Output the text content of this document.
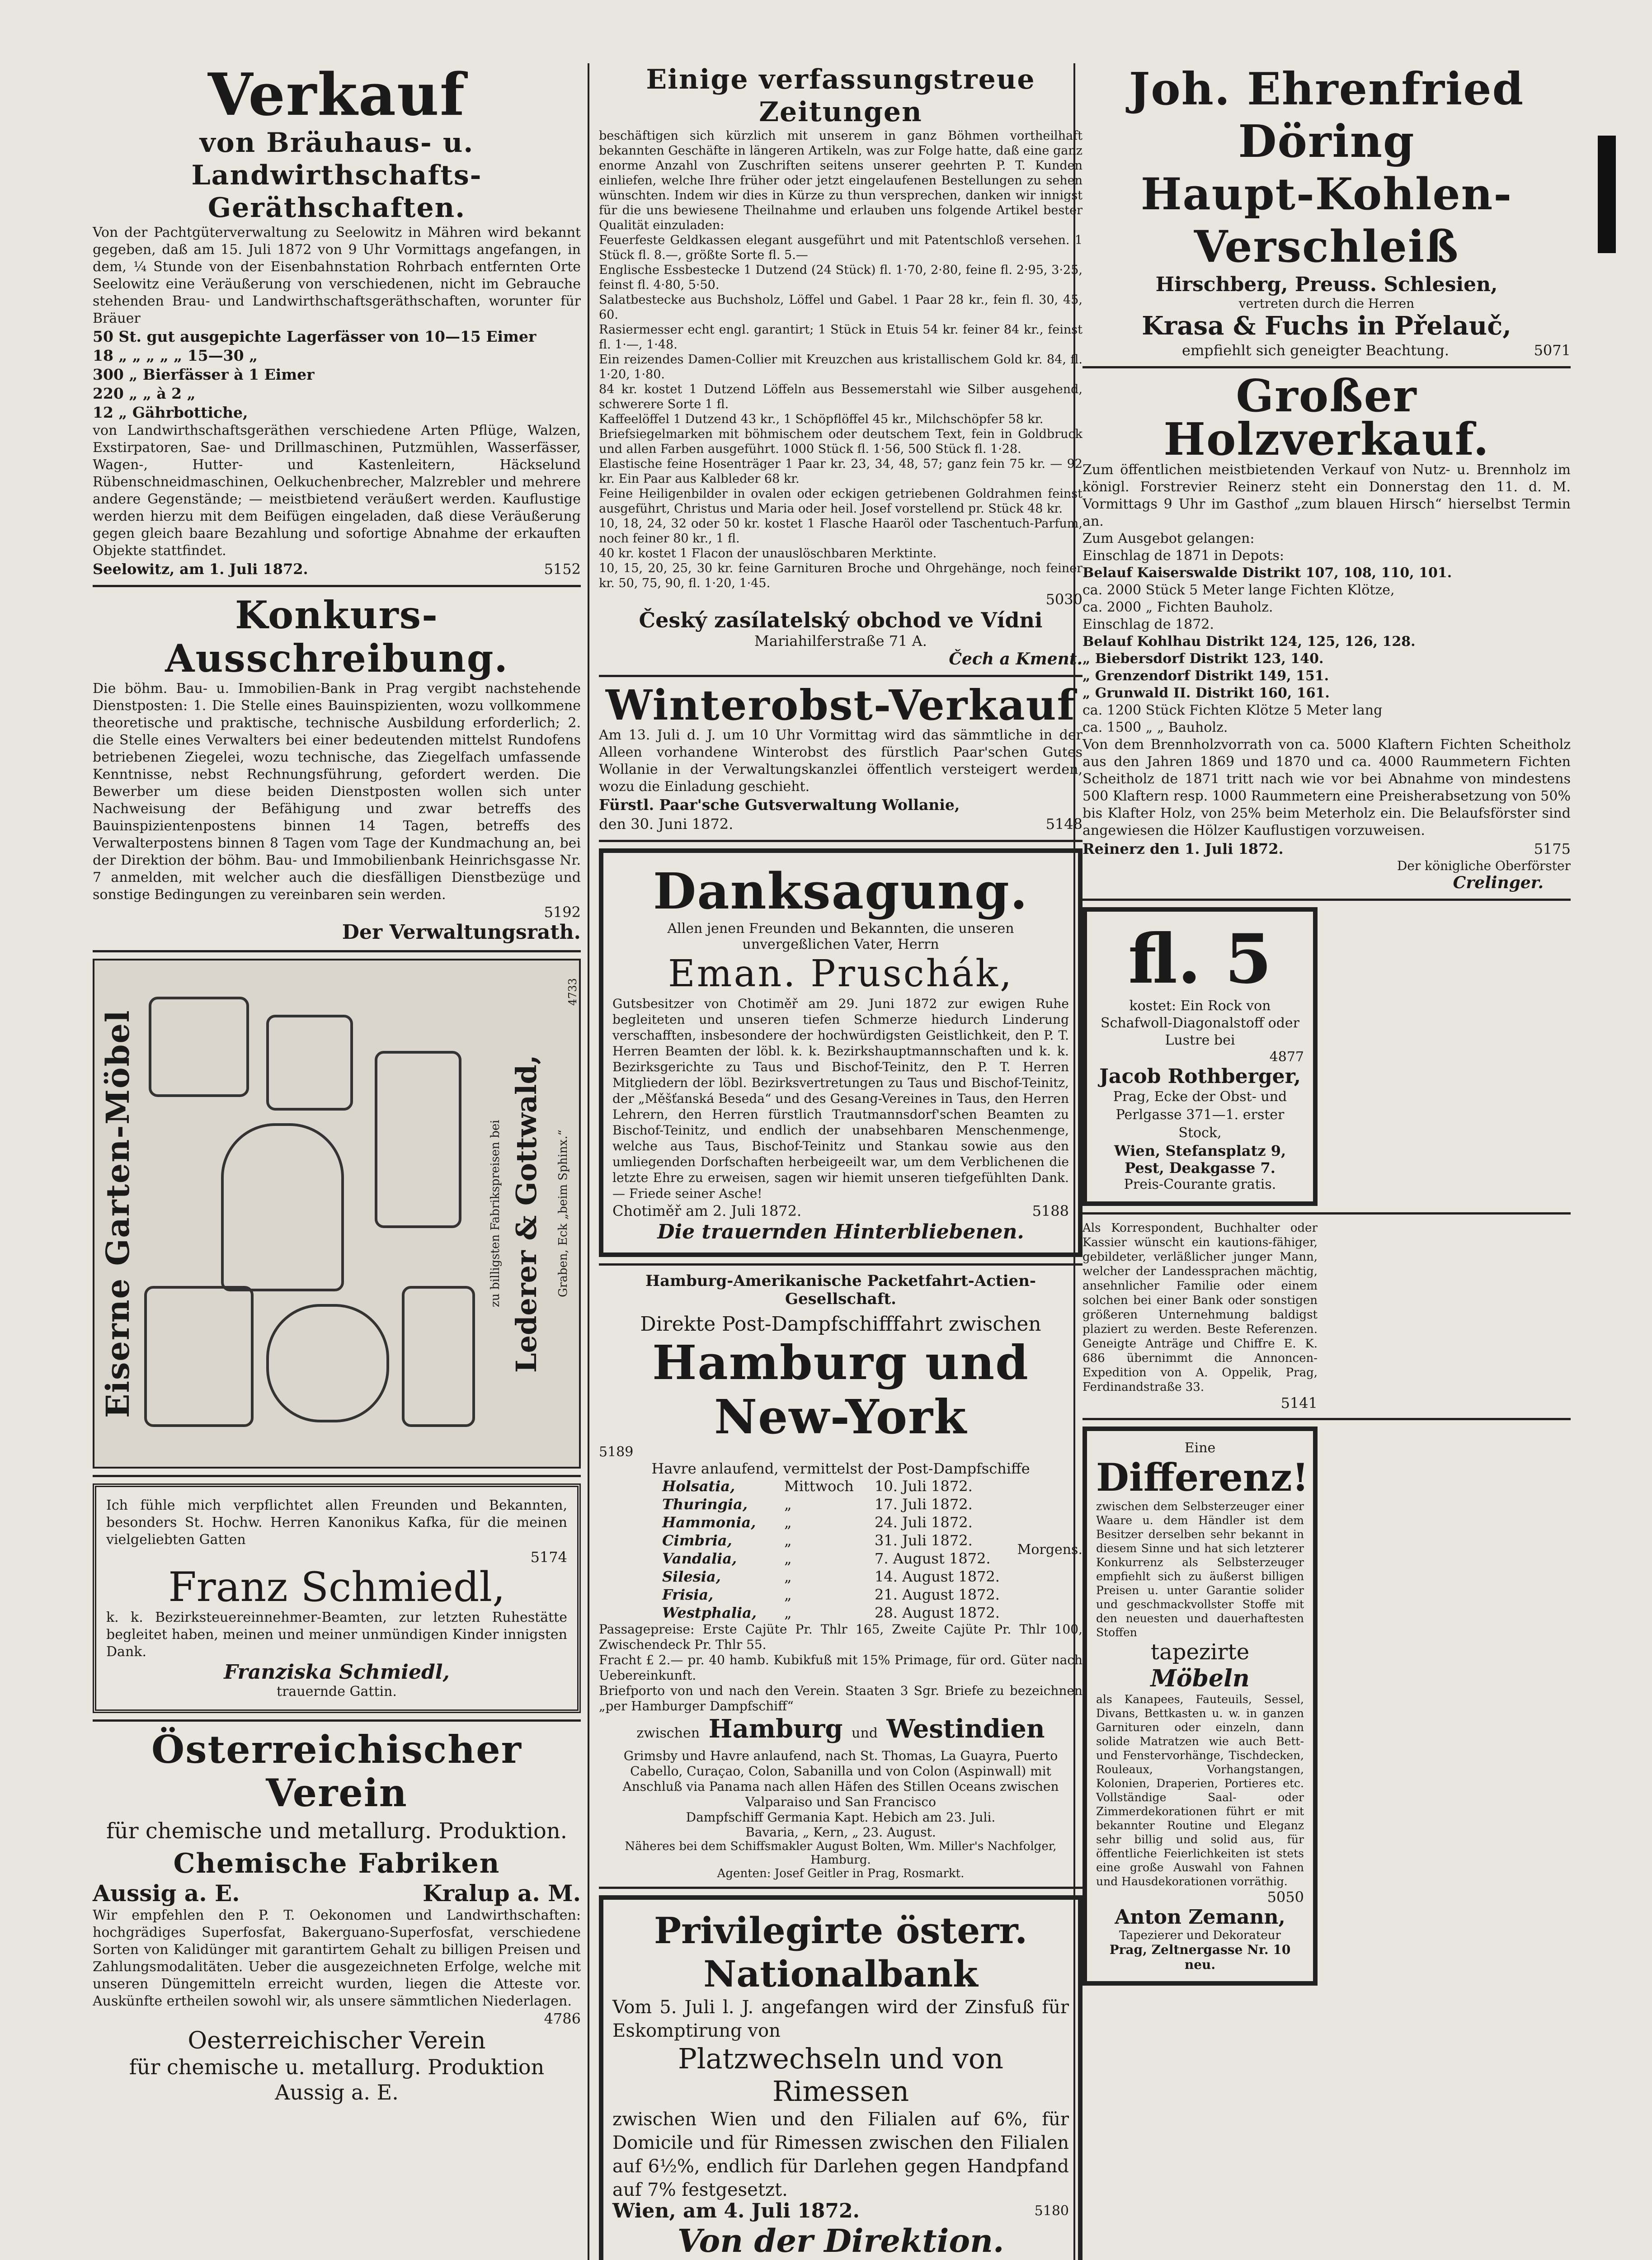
Verkauf
von Bräuhaus- u. Landwirthschafts-Geräthschaften.
Von der Pachtgüterverwaltung zu Seelowitz in Mähren wird bekannt gegeben, daß am 15. Juli 1872 von 9 Uhr Vormittags angefangen, in dem, ¼ Stunde von der Eisenbahnstation Rohrbach entfernten Orte Seelowitz eine Veräußerung von verschiedenen, nicht im Gebrauche stehenden Brau- und Landwirthschaftsgeräthschaften, worunter für Bräuer
50 St. gut ausgepichte Lagerfässer von 10—15 Eimer
18 „ „ „ „ „ 15—30 „
300 „ Bierfässer à 1 Eimer
220 „ „ à 2 „
12 „ Gährbottiche,
von Landwirthschaftsgeräthen verschiedene Arten Pflüge, Walzen, Exstirpatoren, Sae- und Drillmaschinen, Putzmühlen, Wasserfässer, Wagen-, Hutter- und Kastenleitern, Häckselund Rübenschneidmaschinen, Oelkuchenbrecher, Malzrebler und mehrere andere Gegenstände; — meistbietend veräußert werden. Kauflustige werden hierzu mit dem Beifügen eingeladen, daß diese Veräußerung gegen gleich baare Bezahlung und sofortige Abnahme der erkauften Objekte stattfindet.
Seelowitz, am 1. Juli 1872.	5152
Konkurs-Ausschreibung.
Die böhm. Bau- u. Immobilien-Bank in Prag vergibt nachstehende Dienstposten: 1. Die Stelle eines Bauinspizienten, wozu vollkommene theoretische und praktische, technische Ausbildung erforderlich; 2. die Stelle eines Verwalters bei einer bedeutenden mittelst Rundofens betriebenen Ziegelei, wozu technische, das Ziegelfach umfassende Kenntnisse, nebst Rechnungsführung, gefordert werden. Die Bewerber um diese beiden Dienstposten wollen sich unter Nachweisung der Befähigung und zwar betreffs des Bauinspizientenpostens binnen 14 Tagen, betreffs des Verwalterpostens binnen 8 Tagen vom Tage der Kundmachung an, bei der Direktion der böhm. Bau- und Immobilienbank Heinrichsgasse Nr. 7 anmelden, mit welcher auch die diesfälligen Dienstbezüge und sonstige Bedingungen zu vereinbaren sein werden.
5192
Der Verwaltungsrath.
Eiserne Garten-Möbel	Lederer & Gottwald,
zu billigsten Fabrikspreisen bei	Graben, Eck „beim Sphinx.“
4733
Ich fühle mich verpflichtet allen Freunden und Bekannten, besonders St. Hochw. Herren Kanonikus Kafka, für die meinen vielgeliebten Gatten
5174
Franz Schmiedl,
k. k. Bezirksteuereinnehmer-Beamten, zur letzten Ruhestätte begleitet haben, meinen und meiner unmündigen Kinder innigsten Dank.
Franziska Schmiedl,
trauernde Gattin.
Österreichischer Verein
für chemische und metallurg. Produktion.
Chemische Fabriken
Aussig a. E.	Kralup a. M.
Wir empfehlen den P. T. Oekonomen und Landwirthschaften: hochgrädiges Superfosfat, Bakerguano-Superfosfat, verschiedene Sorten von Kalidünger mit garantirtem Gehalt zu billigen Preisen und Zahlungsmodalitäten. Ueber die ausgezeichneten Erfolge, welche mit unseren Düngemitteln erreicht wurden, liegen die Atteste vor. Auskünfte ertheilen sowohl wir, als unsere sämmtlichen Niederlagen.
4786
Oesterreichischer Verein
für chemische u. metallurg. Produktion
Aussig a. E.
Einige verfassungstreue Zeitungen
beschäftigen sich kürzlich mit unserem in ganz Böhmen vortheilhaft bekannten Geschäfte in längeren Artikeln, was zur Folge hatte, daß eine ganz enorme Anzahl von Zuschriften seitens unserer geehrten P. T. Kunden einliefen, welche Ihre früher oder jetzt eingelaufenen Bestellungen zu sehen wünschten. Indem wir dies in Kürze zu thun versprechen, danken wir innigst für die uns bewiesene Theilnahme und erlauben uns folgende Artikel bester Qualität einzuladen:
Feuerfeste Geldkassen elegant ausgeführt und mit Patentschloß versehen. 1 Stück fl. 8.—, größte Sorte fl. 5.—
Englische Essbestecke 1 Dutzend (24 Stück) fl. 1·70, 2·80, feine fl. 2·95, 3·25, feinst fl. 4·80, 5·50.
Salatbestecke aus Buchsholz, Löffel und Gabel. 1 Paar 28 kr., fein fl. 30, 45, 60.
Rasiermesser echt engl. garantirt; 1 Stück in Etuis 54 kr. feiner 84 kr., feinst fl. 1·—, 1·48.
Ein reizendes Damen-Collier mit Kreuzchen aus kristallischem Gold kr. 84, fl. 1·20, 1·80.
84 kr. kostet 1 Dutzend Löffeln aus Bessemerstahl wie Silber ausgehend, schwerere Sorte 1 fl.
Kaffeelöffel 1 Dutzend 43 kr., 1 Schöpflöffel 45 kr., Milchschöpfer 58 kr.
Briefsiegelmarken mit böhmischem oder deutschem Text, fein in Goldbruck und allen Farben ausgeführt. 1000 Stück fl. 1·56, 500 Stück fl. 1·28.
Elastische feine Hosenträger 1 Paar kr. 23, 34, 48, 57; ganz fein 75 kr. — 92 kr. Ein Paar aus Kalbleder 68 kr.
Feine Heiligenbilder in ovalen oder eckigen getriebenen Goldrahmen feinst ausgeführt, Christus und Maria oder heil. Josef vorstellend pr. Stück 48 kr.
10, 18, 24, 32 oder 50 kr. kostet 1 Flasche Haaröl oder Taschentuch-Parfum, noch feiner 80 kr., 1 fl.
40 kr. kostet 1 Flacon der unauslöschbaren Merktinte.
10, 15, 20, 25, 30 kr. feine Garnituren Broche und Ohrgehänge, noch feiner kr. 50, 75, 90, fl. 1·20, 1·45.
5030
Český zasílatelský obchod ve Vídni
Mariahilferstraße 71 A.
Čech a Kment.
Winterobst-Verkauf
Am 13. Juli d. J. um 10 Uhr Vormittag wird das sämmtliche in der Alleen vorhandene Winterobst des fürstlich Paar'schen Gutes Wollanie in der Verwaltungskanzlei öffentlich versteigert werden, wozu die Einladung geschieht.
Fürstl. Paar'sche Gutsverwaltung Wollanie,
den 30. Juni 1872.	5148
Danksagung.
Allen jenen Freunden und Bekannten, die unseren unvergeßlichen Vater, Herrn
Eman. Pruschák,
Gutsbesitzer von Chotiměř am 29. Juni 1872 zur ewigen Ruhe begleiteten und unseren tiefen Schmerze hiedurch Linderung verschafften, insbesondere der hochwürdigsten Geistlichkeit, den P. T. Herren Beamten der löbl. k. k. Bezirkshauptmannschaften und k. k. Bezirksgerichte zu Taus und Bischof-Teinitz, den P. T. Herren Mitgliedern der löbl. Bezirksvertretungen zu Taus und Bischof-Teinitz, der „Měšťanská Beseda“ und des Gesang-Vereines in Taus, den Herren Lehrern, den Herren fürstlich Trautmannsdorf'schen Beamten zu Bischof-Teinitz, und endlich der unabsehbaren Menschenmenge, welche aus Taus, Bischof-Teinitz und Stankau sowie aus den umliegenden Dorfschaften herbeigeeilt war, um dem Verblichenen die letzte Ehre zu erweisen, sagen wir hiemit unseren tiefgefühlten Dank. — Friede seiner Asche!
Chotiměř am 2. Juli 1872.	5188
Die trauernden Hinterbliebenen.
Hamburg-Amerikanische Packetfahrt-Actien-Gesellschaft.
Direkte Post-Dampfschifffahrt zwischen
Hamburg und New-York
5189
Havre anlaufend, vermittelst der Post-Dampfschiffe
Holsatia,	Mittwoch	10. Juli 1872.
Thuringia,	„	17. Juli 1872.
Hammonia,	„	24. Juli 1872.
Cimbria,	„	31. Juli 1872.
Vandalia,	„	7. August 1872.
Silesia,	„	14. August 1872.
Frisia,	„	21. August 1872.
Westphalia,	„	28. August 1872.
Morgens.
Passagepreise: Erste Cajüte Pr. Thlr 165, Zweite Cajüte Pr. Thlr 100, Zwischendeck Pr. Thlr 55.
Fracht £ 2.— pr. 40 hamb. Kubikfuß mit 15% Primage, für ord. Güter nach Uebereinkunft.
Briefporto von und nach den Verein. Staaten 3 Sgr. Briefe zu bezeichnen „per Hamburger Dampfschiff“
zwischen Hamburg und Westindien
Grimsby und Havre anlaufend, nach St. Thomas, La Guayra, Puerto Cabello, Curaçao, Colon, Sabanilla und von Colon (Aspinwall) mit Anschluß via Panama nach allen Häfen des Stillen Oceans zwischen Valparaiso und San Francisco
Dampfschiff Germania Kapt. Hebich am 23. Juli.
Bavaria, „ Kern, „ 23. August.
Näheres bei dem Schiffsmakler August Bolten, Wm. Miller's Nachfolger, Hamburg.
Agenten: Josef Geitler in Prag, Rosmarkt.
Privilegirte österr. Nationalbank
Vom 5. Juli l. J. angefangen wird der Zinsfuß für Eskomptirung von
Platzwechseln und von Rimessen
zwischen Wien und den Filialen auf 6%, für Domicile und für Rimessen zwischen den Filialen auf 6½%, endlich für Darlehen gegen Handpfand auf 7% festgesetzt.
Wien, am 4. Juli 1872.	5180
Von der Direktion.
Joh. Ehrenfried Döring
Haupt-Kohlen-Verschleiß
Hirschberg, Preuss. Schlesien,
vertreten durch die Herren
Krasa & Fuchs in Přelauč,
empfiehlt sich geneigter Beachtung.	5071
Großer Holzverkauf.
Zum öffentlichen meistbietenden Verkauf von Nutz- u. Brennholz im königl. Forstrevier Reinerz steht ein Donnerstag den 11. d. M. Vormittags 9 Uhr im Gasthof „zum blauen Hirsch“ hierselbst Termin an.
Zum Ausgebot gelangen:
Einschlag de 1871 in Depots:
Belauf Kaiserswalde Distrikt 107, 108, 110, 101.
ca. 2000 Stück 5 Meter lange Fichten Klötze,
ca. 2000 „ Fichten Bauholz.
Einschlag de 1872.
Belauf Kohlhau Distrikt 124, 125, 126, 128.
„ Biebersdorf Distrikt 123, 140.
„ Grenzendorf Distrikt 149, 151.
„ Grunwald II. Distrikt 160, 161.
ca. 1200 Stück Fichten Klötze 5 Meter lang
ca. 1500 „ „ Bauholz.
Von dem Brennholzvorrath von ca. 5000 Klaftern Fichten Scheitholz aus den Jahren 1869 und 1870 und ca. 4000 Raummetern Fichten Scheitholz de 1871 tritt nach wie vor bei Abnahme von mindestens 500 Klaftern resp. 1000 Raummetern eine Preisherabsetzung von 50% bis Klafter Holz, von 25% beim Meterholz ein. Die Belaufsförster sind angewiesen die Hölzer Kauflustigen vorzuweisen.
Reinerz den 1. Juli 1872.	5175
Der königliche Oberförster
Crelinger.
fl. 5
kostet: Ein Rock von Schafwoll-Diagonalstoff oder Lustre bei
4877
Jacob Rothberger,
Prag, Ecke der Obst- und Perlgasse 371—1. erster Stock,
Wien, Stefansplatz 9,
Pest, Deakgasse 7.
Preis-Courante gratis.
Als Korrespondent, Buchhalter oder Kassier wünscht ein kautions-fähiger, gebildeter, verläßlicher junger Mann, welcher der Landessprachen mächtig, ansehnlicher Familie oder einem solchen bei einer Bank oder sonstigen größeren Unternehmung baldigst plaziert zu werden. Beste Referenzen. Geneigte Anträge und Chiffre E. K. 686 übernimmt die Annoncen-Expedition von A. Oppelik, Prag, Ferdinandstraße 33.
5141
Eine
Differenz!
zwischen dem Selbsterzeuger einer Waare u. dem Händler ist dem Besitzer derselben sehr bekannt in diesem Sinne und hat sich letzterer Konkurrenz als Selbsterzeuger empfiehlt sich zu äußerst billigen Preisen u. unter Garantie solider und geschmackvollster Stoffe mit den neuesten und dauerhaftesten Stoffen
tapezirte
Möbeln
als Kanapees, Fauteuils, Sessel, Divans, Bettkasten u. w. in ganzen Garnituren oder einzeln, dann solide Matratzen wie auch Bett- und Fenstervorhänge, Tischdecken, Rouleaux, Vorhangstangen, Kolonien, Draperien, Portieres etc. Vollständige Saal- oder Zimmerdekorationen führt er mit bekannter Routine und Eleganz sehr billig und solid aus, für öffentliche Feierlichkeiten ist stets eine große Auswahl von Fahnen und Hausdekorationen vorräthig.
5050
Anton Zemann,
Tapezierer und Dekorateur
Prag, Zeltnergasse Nr. 10 neu.
